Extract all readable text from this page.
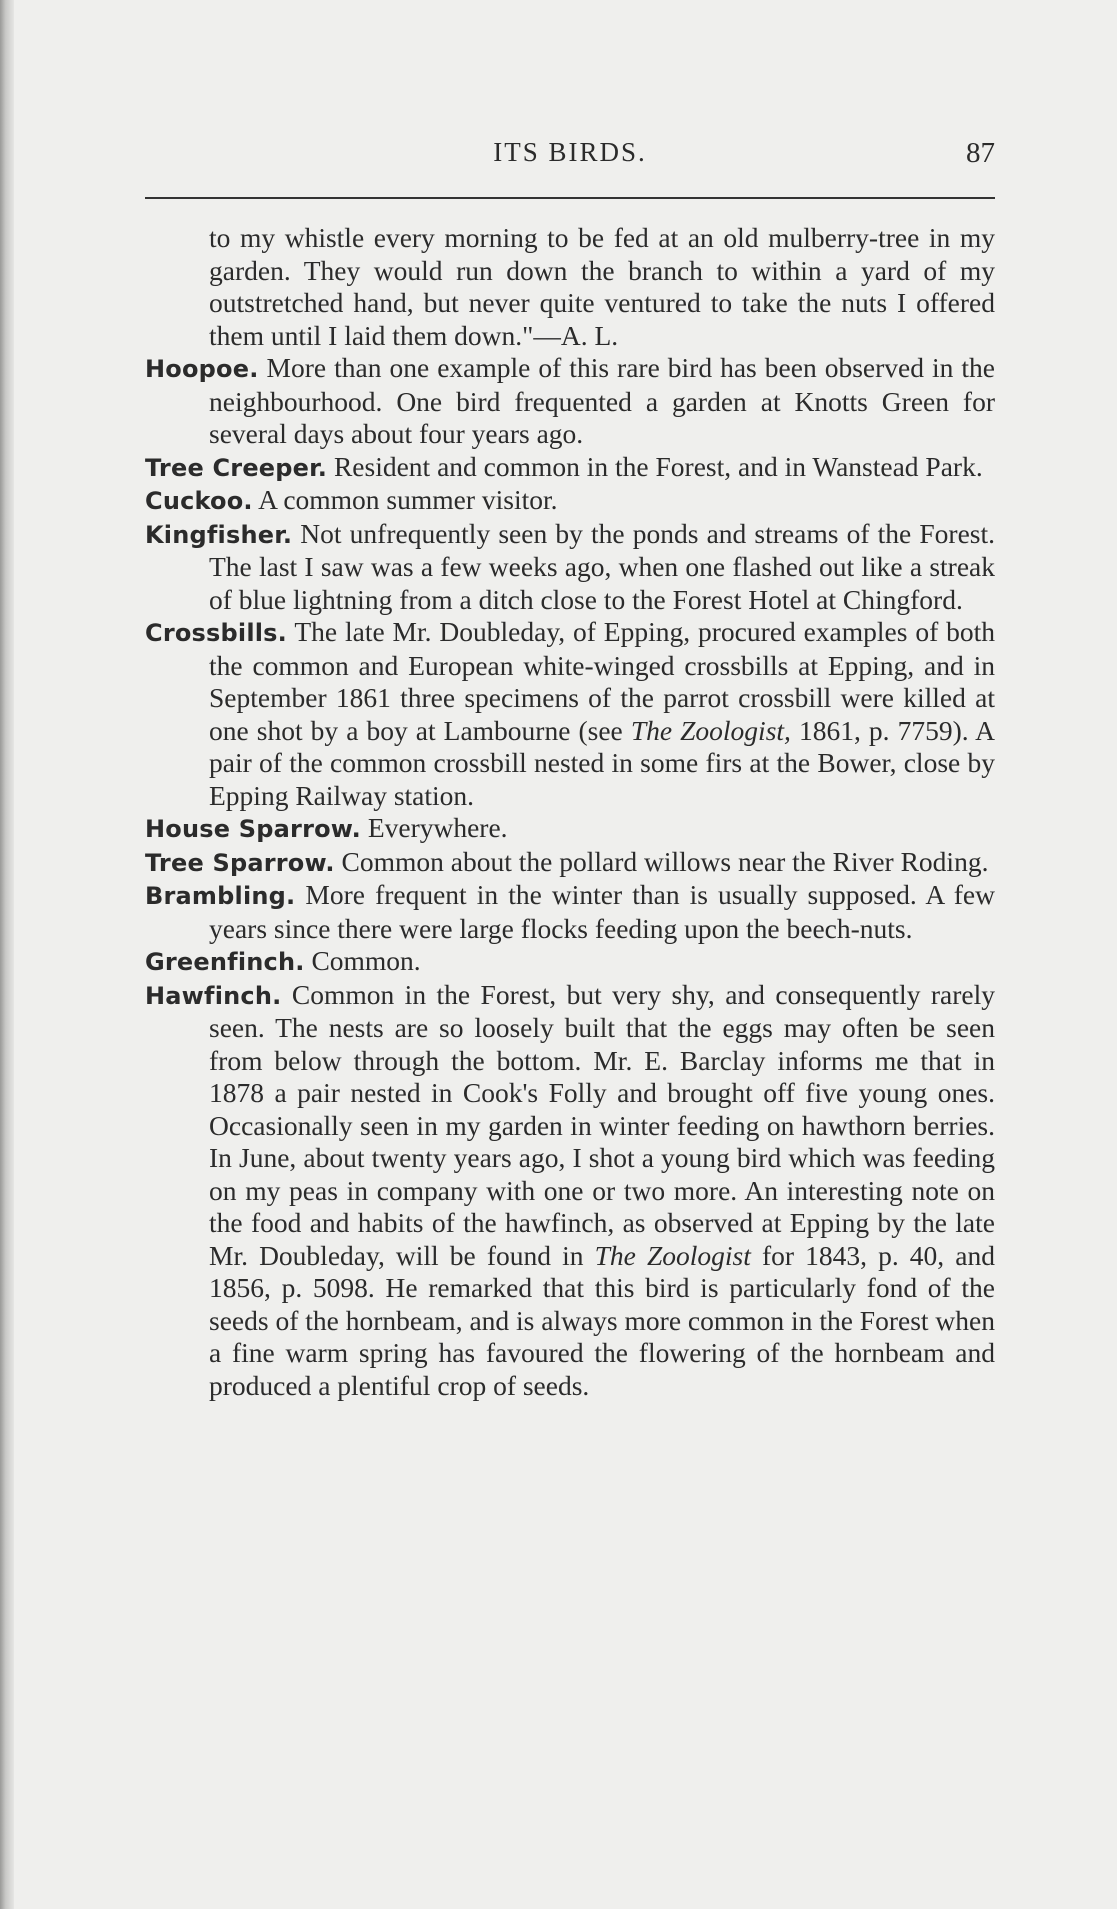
ITS BIRDS.	87

to my whistle every morning to be fed at an old mulberry-tree in my garden. They would run down the branch to within a yard of my outstretched hand, but never quite ventured to take the nuts I offered them until I laid them down."—A. L.

Hoopoe. More than one example of this rare bird has been observed in the neighbourhood. One bird frequented a garden at Knotts Green for several days about four years ago.

Tree Creeper. Resident and common in the Forest, and in Wanstead Park.

Cuckoo. A common summer visitor.

Kingfisher. Not unfrequently seen by the ponds and streams of the Forest. The last I saw was a few weeks ago, when one flashed out like a streak of blue lightning from a ditch close to the Forest Hotel at Chingford.

Crossbills. The late Mr. Doubleday, of Epping, procured examples of both the common and European white-winged crossbills at Epping, and in September 1861 three specimens of the parrot crossbill were killed at one shot by a boy at Lambourne (see The Zoologist, 1861, p. 7759). A pair of the common crossbill nested in some firs at the Bower, close by Epping Railway station.

House Sparrow. Everywhere.

Tree Sparrow. Common about the pollard willows near the River Roding.

Brambling. More frequent in the winter than is usually supposed. A few years since there were large flocks feeding upon the beech-nuts.

Greenfinch. Common.

Hawfinch. Common in the Forest, but very shy, and consequently rarely seen. The nests are so loosely built that the eggs may often be seen from below through the bottom. Mr. E. Barclay informs me that in 1878 a pair nested in Cook's Folly and brought off five young ones. Occasionally seen in my garden in winter feeding on hawthorn berries. In June, about twenty years ago, I shot a young bird which was feeding on my peas in company with one or two more. An interesting note on the food and habits of the hawfinch, as observed at Epping by the late Mr. Doubleday, will be found in The Zoologist for 1843, p. 40, and 1856, p. 5098. He remarked that this bird is particularly fond of the seeds of the hornbeam, and is always more common in the Forest when a fine warm spring has favoured the flowering of the hornbeam and produced a plentiful crop of seeds.
